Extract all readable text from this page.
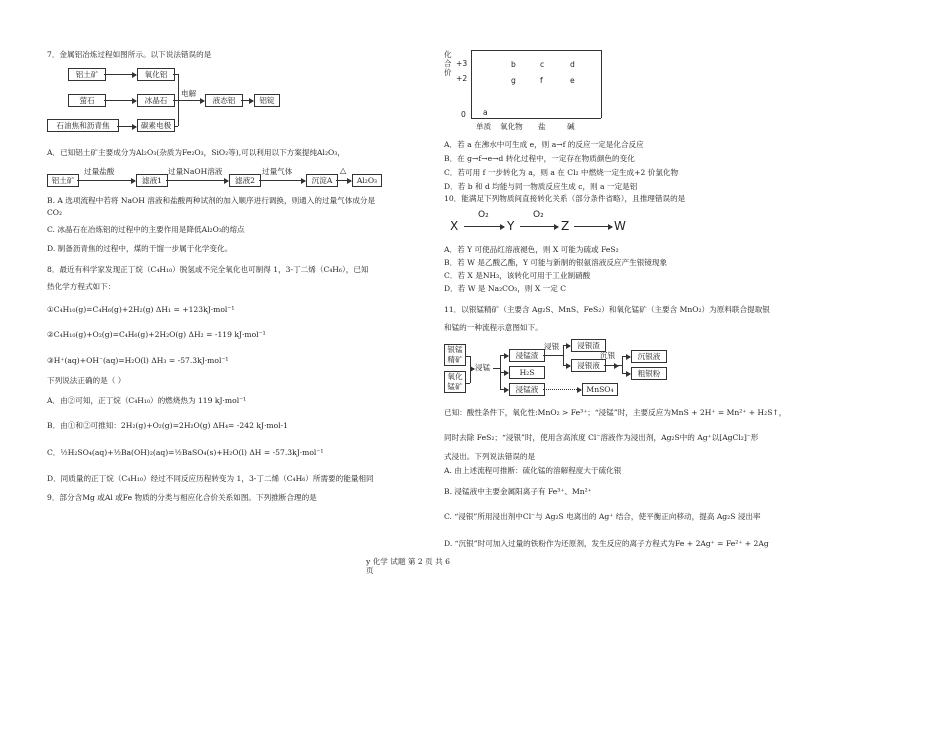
7．金属铝冶炼过程如图所示。以下说法错误的是
铝土矿	氧化铝
萤石	冰晶石
电解
液态铝	铝锭
石油焦和沥青焦	碳素电极
A．已知铝土矿主要成分为Al₂O₃(杂质为Fe₂O₃，SiO₂等),可以利用以下方案提纯Al₂O₃，
铝土矿
过量盐酸
滤液1
过量NaOH溶液
滤液2
过量气体
沉淀A
△
Al₂O₃
B. A 选项流程中若将 NaOH 溶液和盐酸两种试剂的加入顺序进行调换，则通入的过量气体成分是
CO₂
C. 冰晶石在冶炼铝的过程中的主要作用是降低Al₂O₃的熔点
D. 制备沥青焦的过程中，煤的干馏一步属于化学变化。
8．最近有科学家发现正丁烷（C₄H₁₀）脱氢或不完全氧化也可制得 1，3-丁二烯（C₄H₆），已知
热化学方程式如下：
①C₄H₁₀(g)=C₄H₆(g)+2H₂(g) ΔH₁ = +123kJ·mol⁻¹
②C₄H₁₀(g)+O₂(g)=C₄H₆(g)+2H₂O(g) ΔH₂ = -119 kJ·mol⁻¹
③H⁺(aq)+OH⁻(aq)=H₂O(l) ΔH₃ = -57.3kJ·mol⁻¹
下列说法正确的是（ ）
A．由②可知，正丁烷（C₄H₁₀）的燃烧热为 119 kJ·mol⁻¹
B．由①和②可推知：2H₂(g)+O₂(g)=2H₂O(g) ΔH₄= -242 kJ·mol-1
C．½H₂SO₄(aq)+½Ba(OH)₂(aq)=½BaSO₄(s)+H₂O(l) ΔH = -57.3kJ·mol⁻¹
D．同质量的正丁烷（C₄H₁₀）经过不同反应历程转变为 1，3-丁二烯（C₄H₆）所需要的能量相同
9．部分含Mg 或Al 或Fe 物质的分类与相应化合价关系如图。下列推断合理的是
化合价
+3
+2
0
单质 氧化物 盐	碱
b	c	d
g	f	e
a
A．若 a 在沸水中可生成 e，则 a→f 的反应一定是化合反应
B．在 g→f→e→d 转化过程中，一定存在物质颜色的变化
C．若可用 f 一步转化为 a，则 a 在 Cl₂ 中燃烧一定生成+2 价氯化物
D．若 b 和 d 均能与同一物质反应生成 c，则 a 一定是铝
10．能满足下列物质间直接转化关系（部分条件省略），且推理错误的是
X
O₂
Y
O₂
Z	W
A．若 Y 可使品红溶液褪色，则 X 可能为硫或 FeS₂
B．若 W 是乙酸乙酯，Y 可能与新制的银氨溶液反应产生银镜现象
C．若 X 是NH₃，该转化可用于工业制硝酸
D．若 W 是 Na₂CO₃，则 X 一定 C
11．以银锰精矿（主要含 Ag₂S、MnS、FeS₂）和氧化锰矿（主要含 MnO₂）为原料联合提取银
和锰的一种流程示意图如下。
银锰精矿
氧化锰矿
浸锰
浸锰渣
H₂S
浸锰液
浸银	浸银渣
浸银液
沉银	沉银液
粗银粉
MnSO₄
已知：酸性条件下，氧化性:MnO₂ > Fe³⁺；“浸锰”时，主要反应为MnS + 2H⁺ = Mn²⁺ + H₂S↑，
同时去除 FeS₂；“浸银”时，使用含高浓度 Cl⁻溶液作为浸出剂，Ag₂S中的 Ag⁺以[AgCl₂]⁻形
式浸出。下列说法错误的是
A. 由上述流程可推断：硫化锰的溶解程度大于硫化银
B. 浸锰液中主要金属阳离子有 Fe³⁺、Mn²⁺
C. “浸银”所用浸出剂中Cl⁻与 Ag₂S 电离出的 Ag⁺ 结合，使平衡正向移动，提高 Ag₂S 浸出率
D. “沉银”时可加入过量的铁粉作为还原剂，发生反应的离子方程式为Fe + 2Ag⁺ = Fe²⁺ + 2Ag
y 化学 试题 第 2 页 共 6
页
